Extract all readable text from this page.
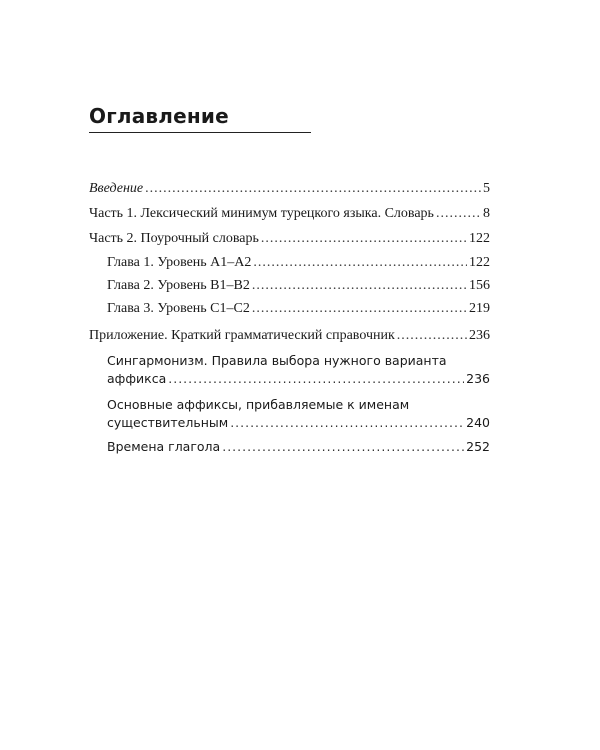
Оглавление
Введение .....	5
Часть 1. Лексический минимум турецкого языка. Словарь .....	8
Часть 2. Поурочный словарь .....	122
Глава 1. Уровень A1–A2 .....	122
Глава 2. Уровень B1–B2 .....	156
Глава 3. Уровень C1–C2 .....	219
Приложение. Краткий грамматический справочник .....	236
Сингармонизм. Правила выбора нужного варианта
аффикса .....	236
Основные аффиксы, прибавляемые к именам
существительным .....	240
Времена глагола .....	252
